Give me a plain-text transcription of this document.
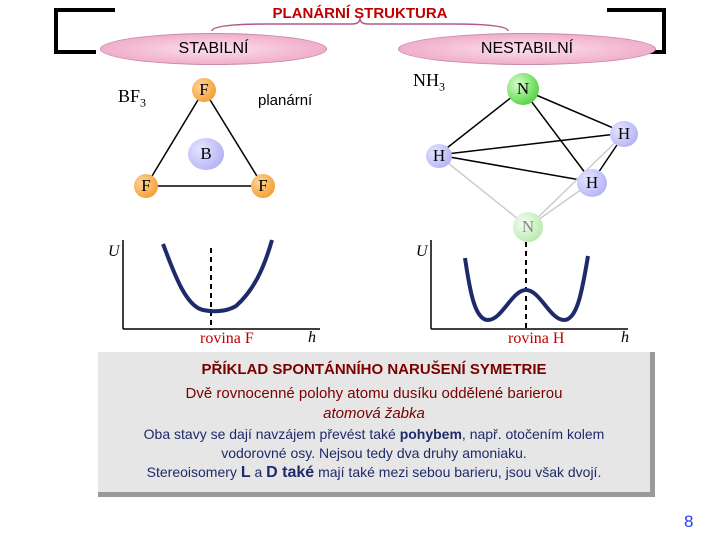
PLANÁRNÍ STRUKTURA
STABILNÍ	NESTABILNÍ
$BF_3$	planární
F
B
F	F
$NH_3$	N
H
H
H
N
U
h
rovina F
U
h
rovina H
PŘÍKLAD SPONTÁNNÍHO NARUŠENÍ SYMETRIE
Dvě rovnocenné polohy atomu dusíku oddělené barierou
atomová žabka
Oba stavy se dají navzájem převést také pohybem, např. otočením kolem
vodorovné osy. Nejsou tedy dva druhy amoniaku.
Stereoisomery L a D také mají také mezi sebou barieru, jsou však dvojí.
8
